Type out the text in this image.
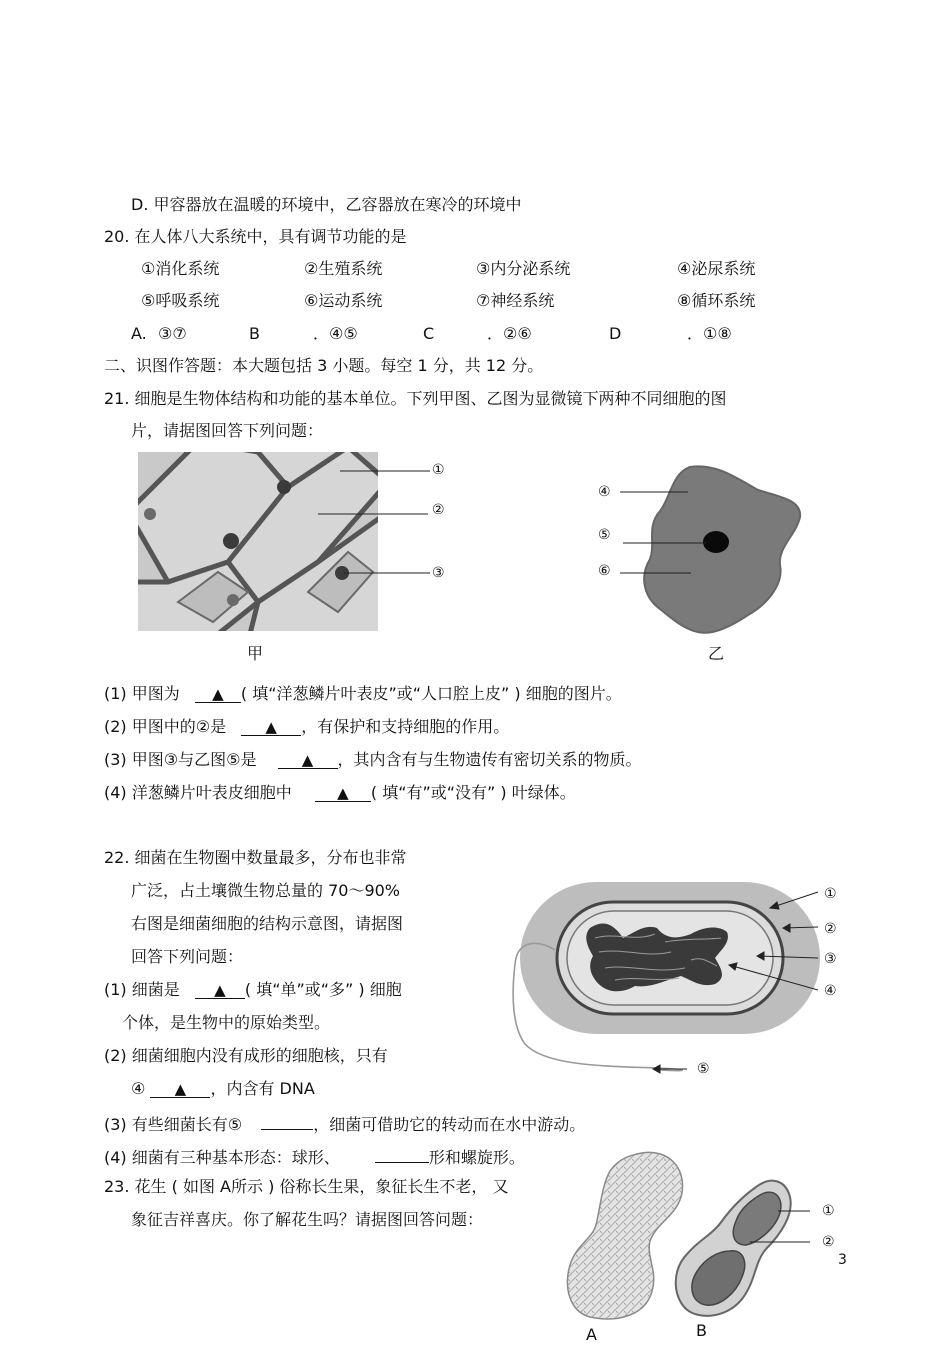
D. 甲容器放在温暖的环境中，乙容器放在寒冷的环境中
20. 在人体八大系统中，具有调节功能的是
①消化系统	②生殖系统	③内分泌系统	④泌尿系统
⑤呼吸系统	⑥运动系统	⑦神经系统	⑧循环系统
A. ③⑦	B	．④⑤	C	．②⑥	D	．①⑧
二、识图作答题：本大题包括 3 小题。每空 1 分，共 12 分。
21. 细胞是生物体结构和功能的基本单位。下列甲图、乙图为显微镜下两种不同细胞的图
片，请据图回答下列问题：
①
②
③
④
⑤
⑥
甲	乙
(1) 甲图为 ▲ ( 填“洋葱鳞片叶表皮”或“人口腔上皮” ) 细胞的图片。
(2) 甲图中的②是	▲ ，有保护和支持细胞的作用。
(3) 甲图③与乙图⑤是	▲ ，其内含有与生物遗传有密切关系的物质。
(4) 洋葱鳞片叶表皮细胞中	▲ ( 填“有”或“没有” ) 叶绿体。
22. 细菌在生物圈中数量最多，分布也非常
广泛，占土壤微生物总量的 70～90%
右图是细菌细胞的结构示意图，请据图
回答下列问题：
(1) 细菌是 ▲ ( 填“单”或“多” ) 细胞
个体，是生物中的原始类型。
(2) 细菌细胞内没有成形的细胞核，只有
④ ▲ ，内含有 DNA
(3) 有些细菌长有⑤	，细菌可借助它的转动而在水中游动。
(4) 细菌有三种基本形态：球形、	形和螺旋形。
①
②
③
④
⑤
23. 花生 ( 如图 A所示 ) 俗称长生果，象征长生不老， 又
象征吉祥喜庆。你了解花生吗？请据图回答问题：	①
②
A	B
3
